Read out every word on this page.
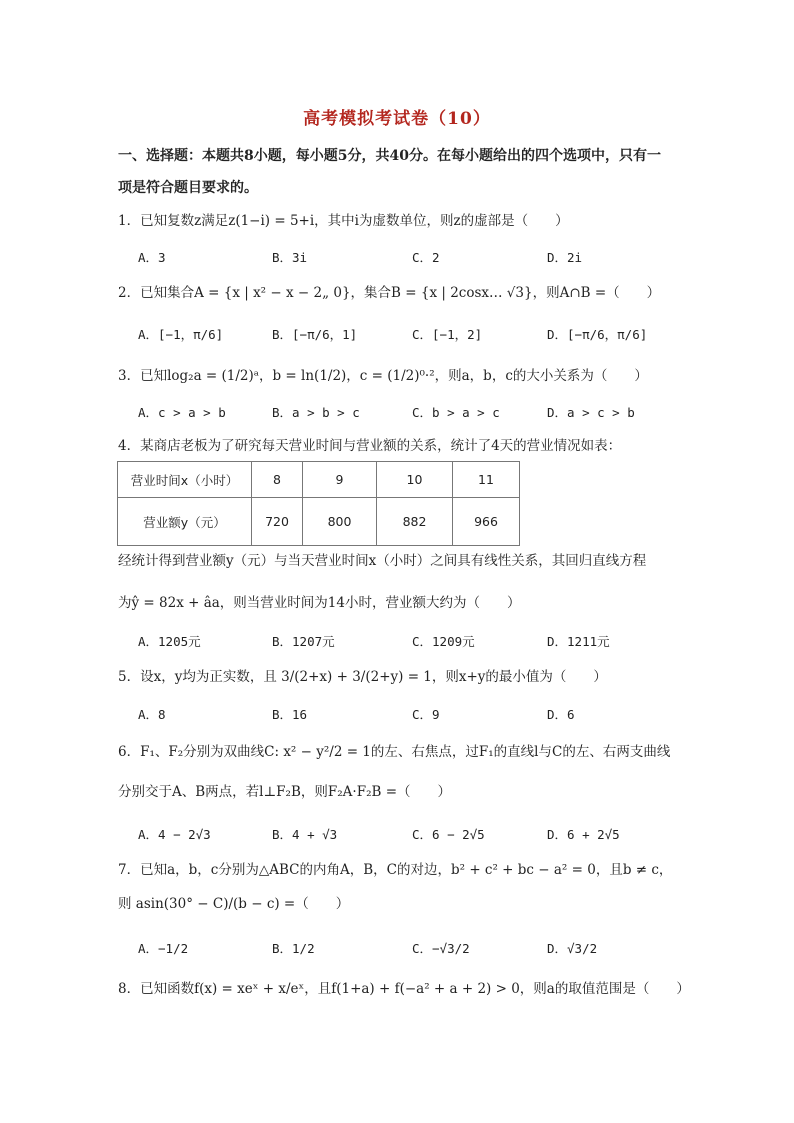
高考模拟考试卷（10）
一、选择题：本题共8小题，每小题5分，共40分。在每小题给出的四个选项中，只有一
项是符合题目要求的。
1．已知复数z满足z(1−i) = 5+i，其中i为虚数单位，则z的虚部是（　　）
A．3	B．3i	C．2	D．2i
2．已知集合A = {x | x² − x − 2„ 0}，集合B = {x | 2cosx… √3}，则A∩B =（　　）
A．[−1，π/6]	B．[−π/6，1]	C．[−1，2]	D．[−π/6，π/6]
3．已知log₂a = (1/2)ᵃ，b = ln(1/2)，c = (1/2)⁰·²，则a，b，c的大小关系为（　　）
A．c > a > b	B．a > b > c	C．b > a > c	D．a > c > b
4．某商店老板为了研究每天营业时间与营业额的关系，统计了4天的营业情况如表：
营业时间x（小时）	8	9	10	11
营业额y（元）	720	800	882	966
经统计得到营业额y（元）与当天营业时间x（小时）之间具有线性关系，其回归直线方程
为ŷ = 82x + âa，则当营业时间为14小时，营业额大约为（　　）
A．1205元	B．1207元	C．1209元	D．1211元
5．设x，y均为正实数，且 3/(2+x) + 3/(2+y) = 1，则x+y的最小值为（　　）
A．8	B．16	C．9	D．6
6．F₁、F₂分别为双曲线C: x² − y²/2 = 1的左、右焦点，过F₁的直线l与C的左、右两支曲线
分别交于A、B两点，若l⊥F₂B，则F₂A·F₂B =（　　）
A．4 − 2√3	B．4 + √3	C．6 − 2√5	D．6 + 2√5
7．已知a，b，c分别为△ABC的内角A，B，C的对边，b² + c² + bc − a² = 0，且b ≠ c，
则 asin(30° − C)/(b − c) =（　　）
A．−1/2	B．1/2	C．−√3/2	D．√3/2
8．已知函数f(x) = xeˣ + x/eˣ，且f(1+a) + f(−a² + a + 2) > 0，则a的取值范围是（　　）
